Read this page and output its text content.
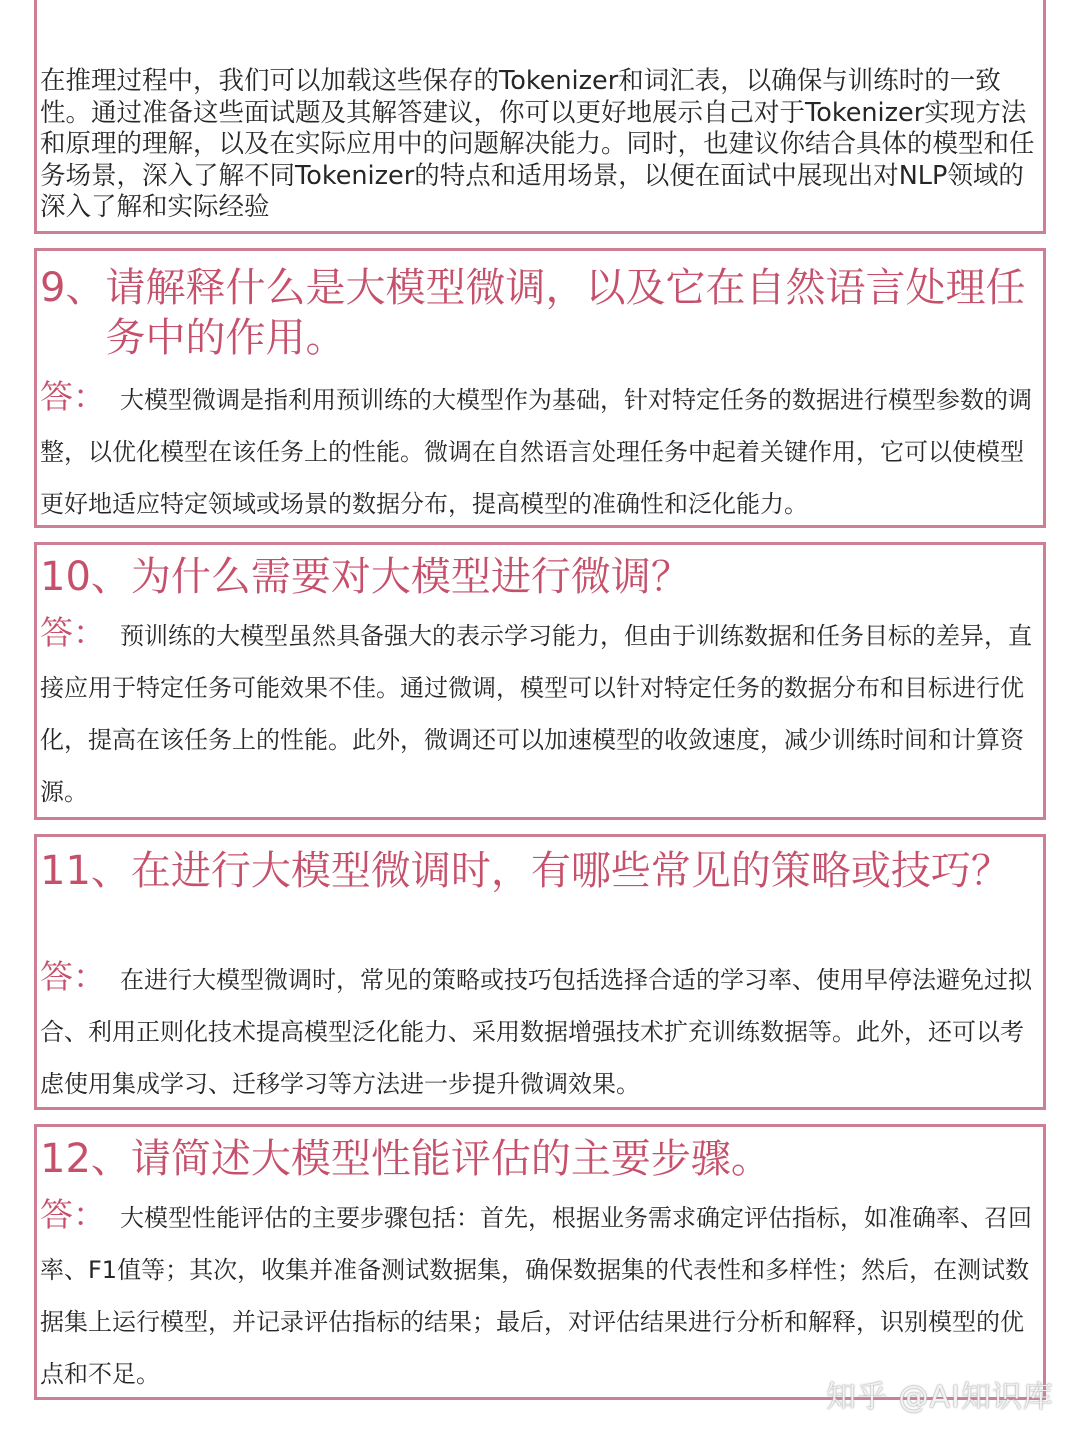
在推理过程中，我们可以加载这些保存的Tokenizer和词汇表，以确保与训练时的一致性。通过准备这些面试题及其解答建议，你可以更好地展示自己对于Tokenizer实现方法和原理的理解，以及在实际应用中的问题解决能力。同时，也建议你结合具体的模型和任务场景，深入了解不同Tokenizer的特点和适用场景，以便在面试中展现出对NLP领域的深入了解和实际经验

9、 请解释什么是大模型微调，以及它在自然语言处理任务中的作用。

答： 大模型微调是指利用预训练的大模型作为基础，针对特定任务的数据进行模型参数的调整，以优化模型在该任务上的性能。微调在自然语言处理任务中起着关键作用，它可以使模型更好地适应特定领域或场景的数据分布，提高模型的准确性和泛化能力。

10、 为什么需要对大模型进行微调？

答： 预训练的大模型虽然具备强大的表示学习能力，但由于训练数据和任务目标的差异，直接应用于特定任务可能效果不佳。通过微调，模型可以针对特定任务的数据分布和目标进行优化，提高在该任务上的性能。此外，微调还可以加速模型的收敛速度，减少训练时间和计算资源。

11、 在进行大模型微调时，有哪些常见的策略或技巧？

答： 在进行大模型微调时，常见的策略或技巧包括选择合适的学习率、使用早停法避免过拟合、利用正则化技术提高模型泛化能力、采用数据增强技术扩充训练数据等。此外，还可以考虑使用集成学习、迁移学习等方法进一步提升微调效果。

12、 请简述大模型性能评估的主要步骤。

答： 大模型性能评估的主要步骤包括：首先，根据业务需求确定评估指标，如准确率、召回率、F1值等；其次，收集并准备测试数据集，确保数据集的代表性和多样性；然后，在测试数据集上运行模型，并记录评估指标的结果；最后，对评估结果进行分析和解释，识别模型的优点和不足。

知乎 @AI知识库
